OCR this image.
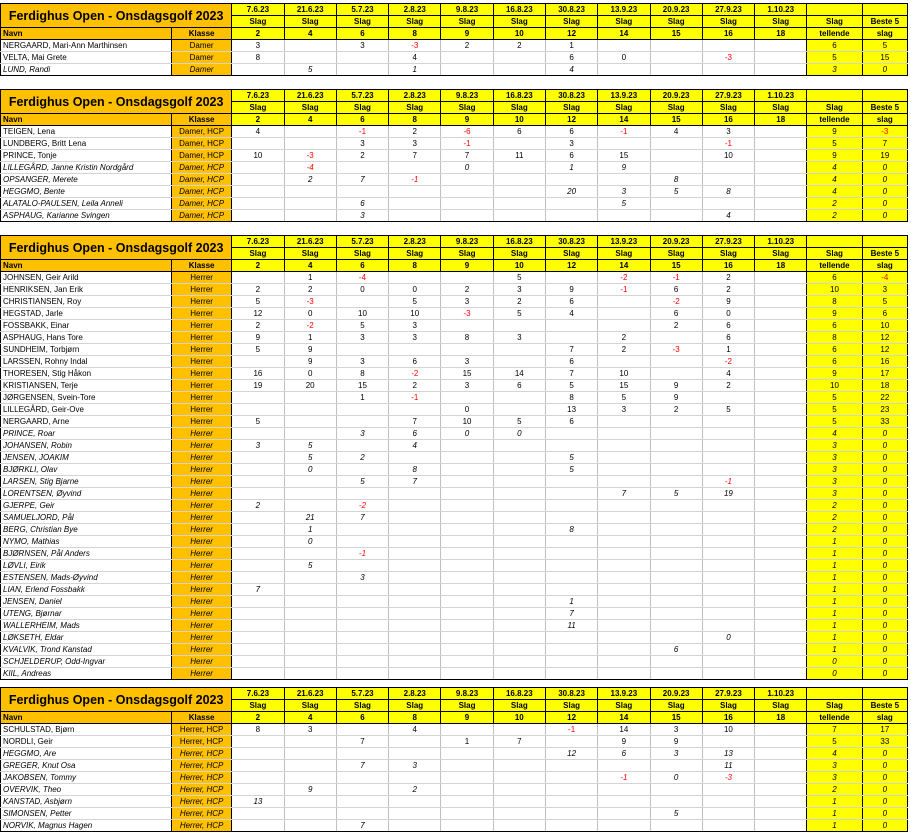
Ferdighus Open - Onsdagsgolf 2023		7.6.23	21.6.23	5.7.23	2.8.23	9.8.23	16.8.23	30.8.23	13.9.23	20.9.23	27.9.23	1.10.23		
		Slag	Slag	Slag	Slag	Slag	Slag	Slag	Slag	Slag	Slag	Slag	Slag	Beste 5
Navn	Klasse	2	4	6	8	9	10	12	14	15	16	18	tellende	slag
NERGAARD, Mari-Ann Marthinsen	Damer	3		3	-3	2	2	1					6	5
VELTA, Mai Grete	Damer	8			4			6	0		-3		5	15
LUND, Randi	Damer		5		1			4					3	0
Ferdighus Open - Onsdagsgolf 2023		7.6.23	21.6.23	5.7.23	2.8.23	9.8.23	16.8.23	30.8.23	13.9.23	20.9.23	27.9.23	1.10.23		
		Slag	Slag	Slag	Slag	Slag	Slag	Slag	Slag	Slag	Slag	Slag	Slag	Beste 5
Navn	Klasse	2	4	6	8	9	10	12	14	15	16	18	tellende	slag
TEIGEN, Lena	Damer, HCP	4		-1	2	-6	6	6	-1	4	3		9	-3
LUNDBERG, Britt Lena	Damer, HCP			3	3	-1		3			-1		5	7
PRINCE, Tonje	Damer, HCP	10	-3	2	7	7	11	6	15		10		9	19
LILLEGÅRD, Janne Kristin Nordgård	Damer, HCP		-4			0		1	9				4	0
OPSANGER, Merete	Damer, HCP		2	7	-1					8			4	0
HEGGMO, Bente	Damer, HCP							20	3	5	8		4	0
ALATALO-PAULSEN, Leila Anneli	Damer, HCP			6					5				2	0
ASPHAUG, Karianne Svingen	Damer, HCP			3							4		2	0
Ferdighus Open - Onsdagsgolf 2023		7.6.23	21.6.23	5.7.23	2.8.23	9.8.23	16.8.23	30.8.23	13.9.23	20.9.23	27.9.23	1.10.23		
		Slag	Slag	Slag	Slag	Slag	Slag	Slag	Slag	Slag	Slag	Slag	Slag	Beste 5
Navn	Klasse	2	4	6	8	9	10	12	14	15	16	18	tellende	slag
JOHNSEN, Geir Arild	Herrer		1	-4			5		-2	-1	2		6	-4
HENRIKSEN, Jan Erik	Herrer	2	2	0	0	2	3	9	-1	6	2		10	3
CHRISTIANSEN, Roy	Herrer	5	-3		5	3	2	6		-2	9		8	5
HEGSTAD, Jarle	Herrer	12	0	10	10	-3	5	4		6	0		9	6
FOSSBAKK, Einar	Herrer	2	-2	5	3					2	6		6	10
ASPHAUG, Hans Tore	Herrer	9	1	3	3	8	3		2		6		8	12
SUNDHEIM, Torbjørn	Herrer	5	9					7	2	-3	1		6	12
LARSSEN, Rohny Indal	Herrer		9	3	6	3		6			-2		6	16
THORESEN, Stig Håkon	Herrer	16	0	8	-2	15	14	7	10		4		9	17
KRISTIANSEN, Terje	Herrer	19	20	15	2	3	6	5	15	9	2		10	18
JØRGENSEN, Svein-Tore	Herrer			1	-1			8	5	9			5	22
LILLEGÅRD, Geir-Ove	Herrer					0		13	3	2	5		5	23
NERGAARD, Arne	Herrer	5			7	10	5	6					5	33
PRINCE, Roar	Herrer			3	6	0	0						4	0
JOHANSEN, Robin	Herrer	3	5		4								3	0
JENSEN, JOAKIM	Herrer		5	2				5					3	0
BJØRKLI, Olav	Herrer		0		8			5					3	0
LARSEN, Stig Bjarne	Herrer			5	7						-1		3	0
LORENTSEN, Øyvind	Herrer								7	5	19		3	0
GJERPE, Geir	Herrer	2		-2									2	0
SAMUELJORD, Pål	Herrer		21	7									2	0
BERG, Christian Bye	Herrer		1					8					2	0
NYMO, Mathias	Herrer		0										1	0
BJØRNSEN, Pål Anders	Herrer			-1									1	0
LØVLI, Eirik	Herrer		5										1	0
ESTENSEN, Mads-Øyvind	Herrer			3									1	0
LIAN, Erlend Fossbakk	Herrer	7											1	0
JENSEN, Daniel	Herrer							1					1	0
UTENG, Bjørnar	Herrer							7					1	0
WALLERHEIM, Mads	Herrer							11					1	0
LØKSETH, Eldar	Herrer										0		1	0
KVALVIK, Trond Kanstad	Herrer									6			1	0
SCHJELDERUP, Odd-Ingvar	Herrer												0	0
KIIL, Andreas	Herrer												0	0
Ferdighus Open - Onsdagsgolf 2023		7.6.23	21.6.23	5.7.23	2.8.23	9.8.23	16.8.23	30.8.23	13.9.23	20.9.23	27.9.23	1.10.23		
		Slag	Slag	Slag	Slag	Slag	Slag	Slag	Slag	Slag	Slag	Slag	Slag	Beste 5
Navn	Klasse	2	4	6	8	9	10	12	14	15	16	18	tellende	slag
SCHULSTAD, Bjørn	Herrer, HCP	8	3		4			-1	14	3	10		7	17
NORDLI, Geir	Herrer, HCP			7		1	7		9	9			5	33
HEGGMO, Are	Herrer, HCP							12	6	3	13		4	0
GREGER, Knut Osa	Herrer, HCP			7	3						11		3	0
JAKOBSEN, Tommy	Herrer, HCP								-1	0	-3		3	0
OVERVIK, Theo	Herrer, HCP		9		2								2	0
KANSTAD, Asbjørn	Herrer, HCP	13											1	0
SIMONSEN, Petter	Herrer, HCP									5			1	0
NORVIK, Magnus Hagen	Herrer, HCP			7									1	0
